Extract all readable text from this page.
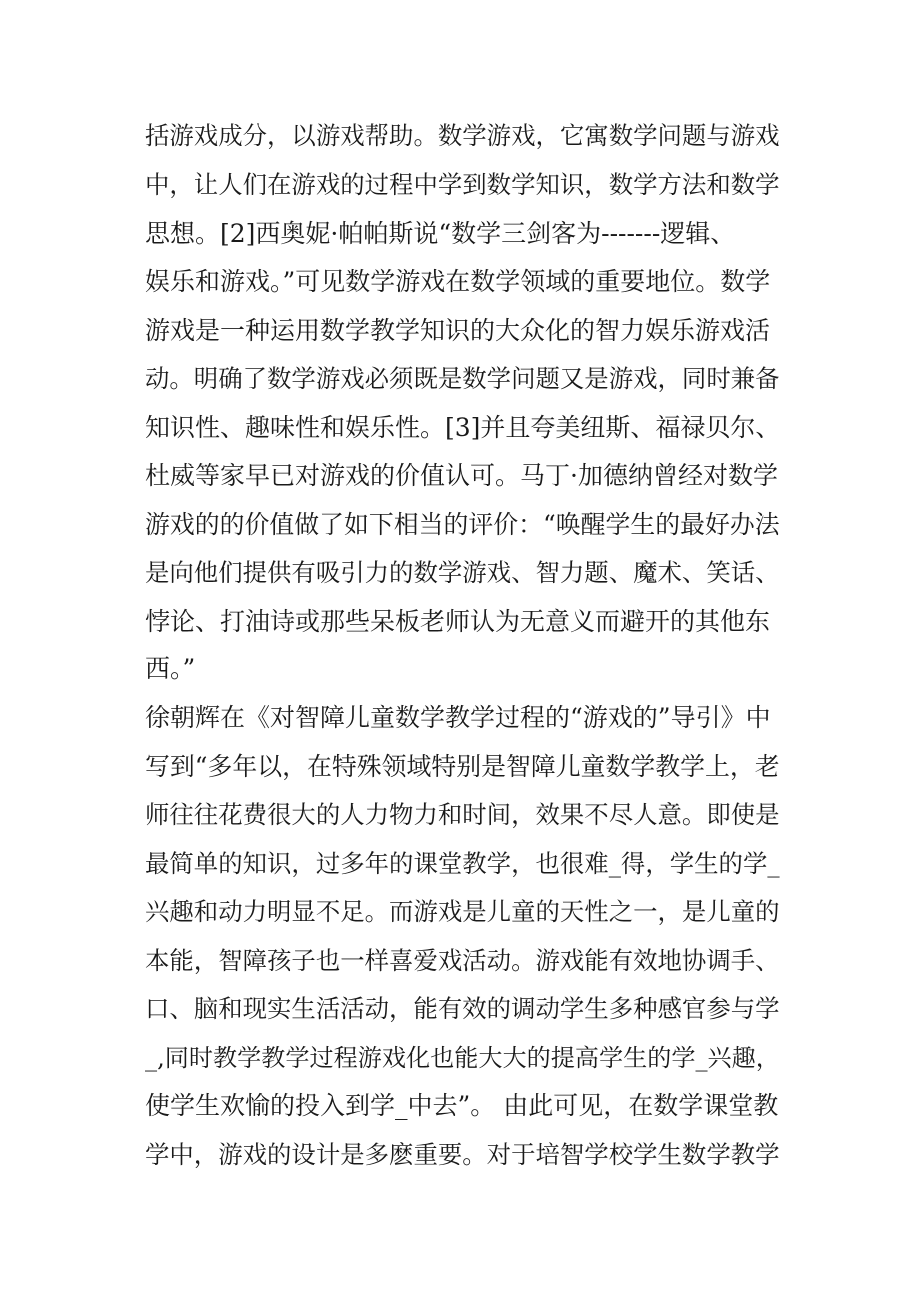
括游戏成分，以游戏帮助。数学游戏，它寓数学问题与游戏
中，让人们在游戏的过程中学到数学知识，数学方法和数学
思想。[2]西奥妮·帕帕斯说“数学三剑客为-------逻辑、
娱乐和游戏。”可见数学游戏在数学领域的重要地位。数学
游戏是一种运用数学教学知识的大众化的智力娱乐游戏活
动。明确了数学游戏必须既是数学问题又是游戏，同时兼备
知识性、趣味性和娱乐性。[3]并且夸美纽斯、福禄贝尔、
杜威等家早已对游戏的价值认可。马丁·加德纳曾经对数学
游戏的的价值做了如下相当的评价：“唤醒学生的最好办法
是向他们提供有吸引力的数学游戏、智力题、魔术、笑话、
悖论、打油诗或那些呆板老师认为无意义而避开的其他东
西。”
徐朝辉在《对智障儿童数学教学过程的“游戏的”导引》中
写到“多年以，在特殊领域特别是智障儿童数学教学上，老
师往往花费很大的人力物力和时间，效果不尽人意。即使是
最简单的知识，过多年的课堂教学，也很难_得，学生的学_
兴趣和动力明显不足。而游戏是儿童的天性之一，是儿童的
本能，智障孩子也一样喜爱戏活动。游戏能有效地协调手、
口、脑和现实生活活动，能有效的调动学生多种感官参与学
_,同时教学教学过程游戏化也能大大的提高学生的学_兴趣，
使学生欢愉的投入到学_中去”。 由此可见，在数学课堂教
学中，游戏的设计是多麽重要。对于培智学校学生数学教学
